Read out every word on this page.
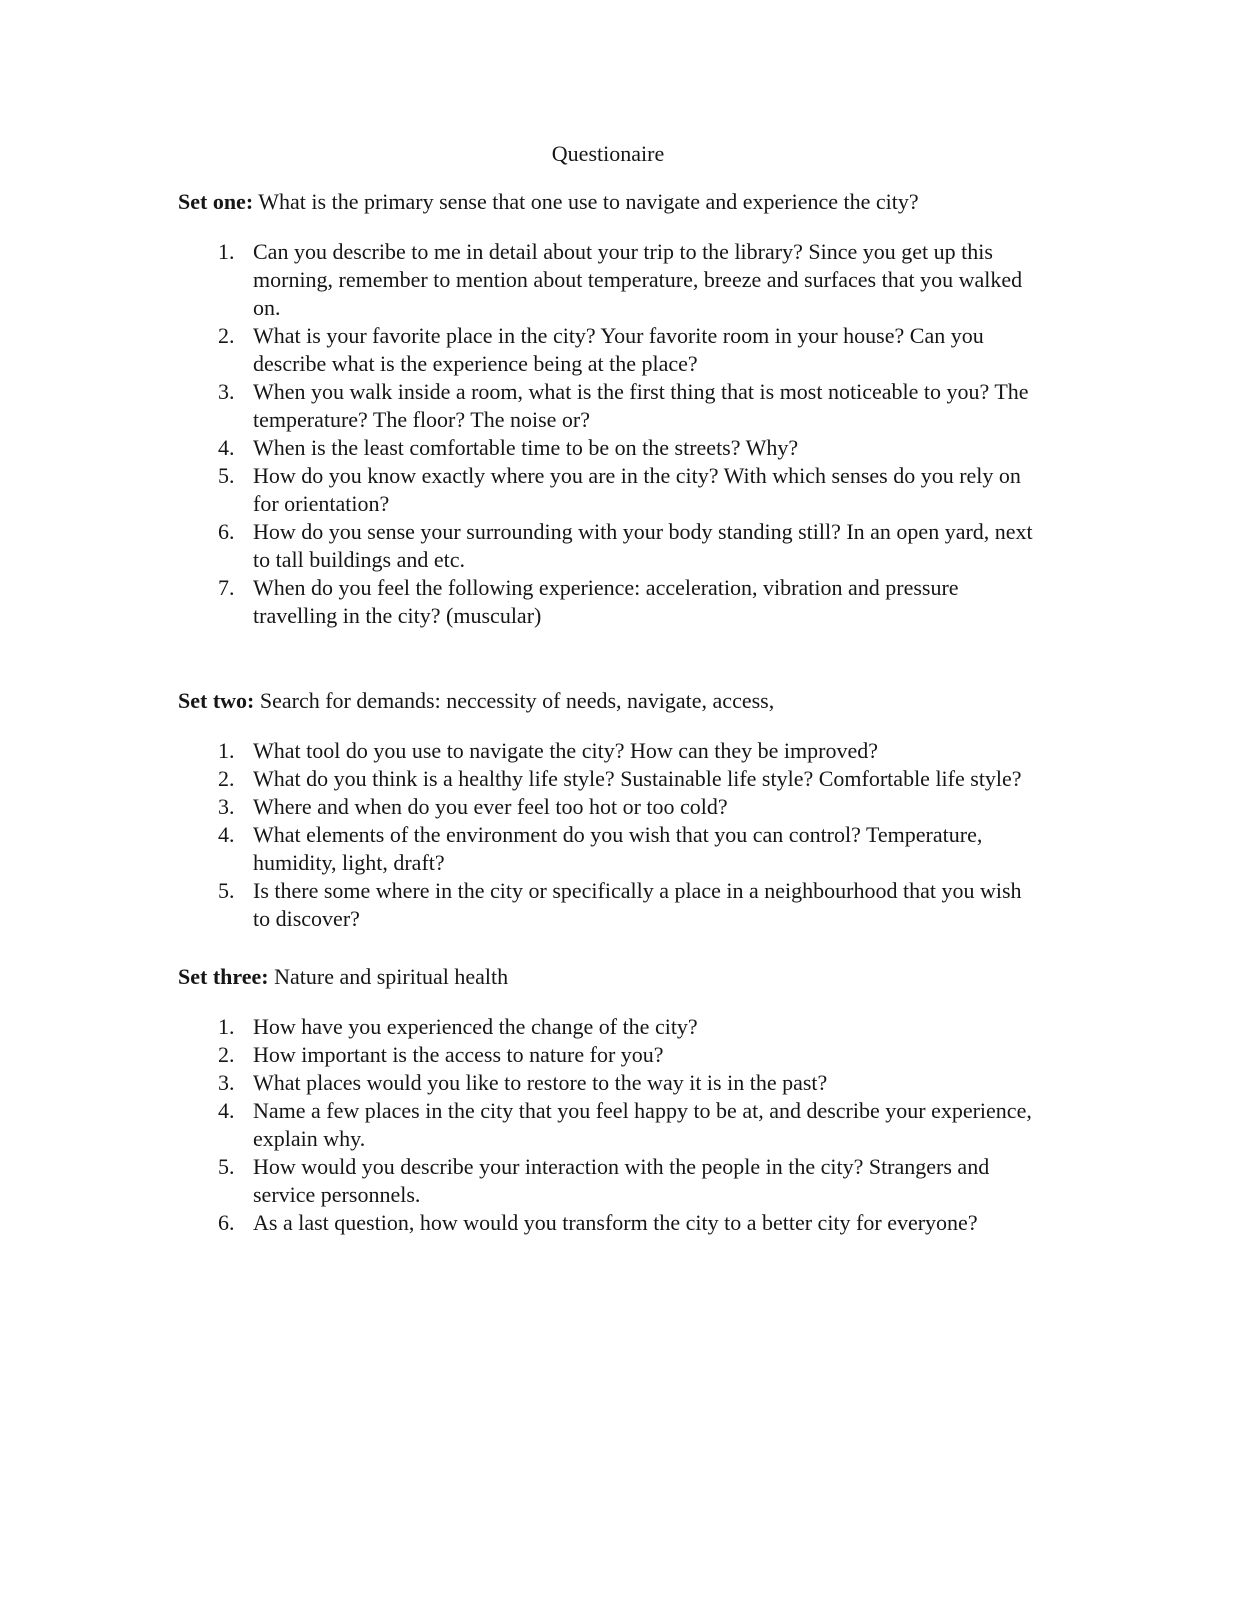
Questionaire

Set one: What is the primary sense that one use to navigate and experience the city?

1. Can you describe to me in detail about your trip to the library? Since you get up this morning, remember to mention about temperature, breeze and surfaces that you walked on.
2. What is your favorite place in the city? Your favorite room in your house? Can you describe what is the experience being at the place?
3. When you walk inside a room, what is the first thing that is most noticeable to you? The temperature? The floor? The noise or?
4. When is the least comfortable time to be on the streets? Why?
5. How do you know exactly where you are in the city? With which senses do you rely on for orientation?
6. How do you sense your surrounding with your body standing still? In an open yard, next to tall buildings and etc.
7. When do you feel the following experience: acceleration, vibration and pressure travelling in the city? (muscular)

Set two: Search for demands: neccessity of needs, navigate, access,

1. What tool do you use to navigate the city? How can they be improved?
2. What do you think is a healthy life style? Sustainable life style? Comfortable life style?
3. Where and when do you ever feel too hot or too cold?
4. What elements of the environment do you wish that you can control? Temperature, humidity, light, draft?
5. Is there some where in the city or specifically a place in a neighbourhood that you wish to discover?

Set three: Nature and spiritual health

1. How have you experienced the change of the city?
2. How important is the access to nature for you?
3. What places would you like to restore to the way it is in the past?
4. Name a few places in the city that you feel happy to be at, and describe your experience, explain why.
5. How would you describe your interaction with the people in the city? Strangers and service personnels.
6. As a last question, how would you transform the city to a better city for everyone?
